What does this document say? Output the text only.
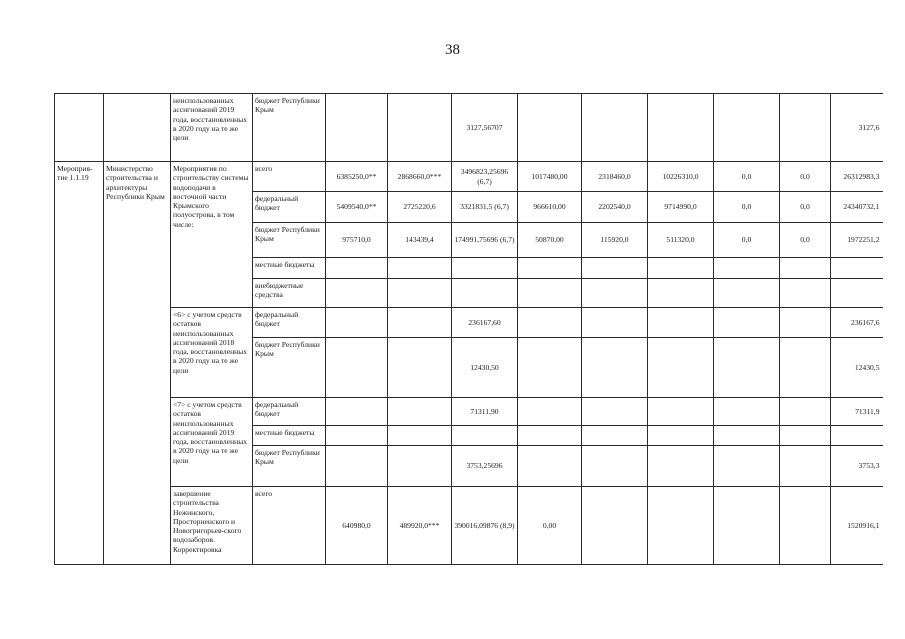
38
		неиспользованных ассигнований 2019 года, восстановленных в 2020 году на те же цели	бюджет Республики Крым			3127,56707						3127,6
Мероприя-тие 1.1.19	Министерство строительства и архитектуры Республики Крым	Мероприятия по строительству системы водоподачи в восточной части Крымского полуострова, в том числе:	всего	6385250,0**	2868660,0***	3496823,25696 (6,7)	1017480,00	2318460,0	10226310,0	0,0	0,0	26312983,3
			федеральный бюджет	5409540,0**	2725220,6	3321831,5 (6,7)	966610,00	2202540,0	9714990,0	0,0	0,0	24340732,1
			бюджет Республики Крым	975710,0	143439,4	174991,75696 (6,7)	50870,00	115920,0	511320,0	0,0	0,0	1972251,2
			местные бюджеты									
			внебюджетные средства									
		<6> с учетом средств остатков неиспользованных ассигнований 2018 года, восстановленных в 2020 году на те же цели	федеральный бюджет			236167,60						236167,6
			бюджет Республики Крым			12430,50						12430,5
		<7> с учетом средств остатков неиспользованных ассигнований 2019 года, восстановленных в 2020 году на те же цели	федеральный бюджет			71311,90						71311,9
			местные бюджеты									
			бюджет Республики Крым			3753,25696						3753,3
		завершение строительства Нежинского, Просторненского и Новогригорьев-ского водозаборов. Корректировка	всего	640980,0	489920,0***	390016,09876 (8,9)	0,00					1520916,1
